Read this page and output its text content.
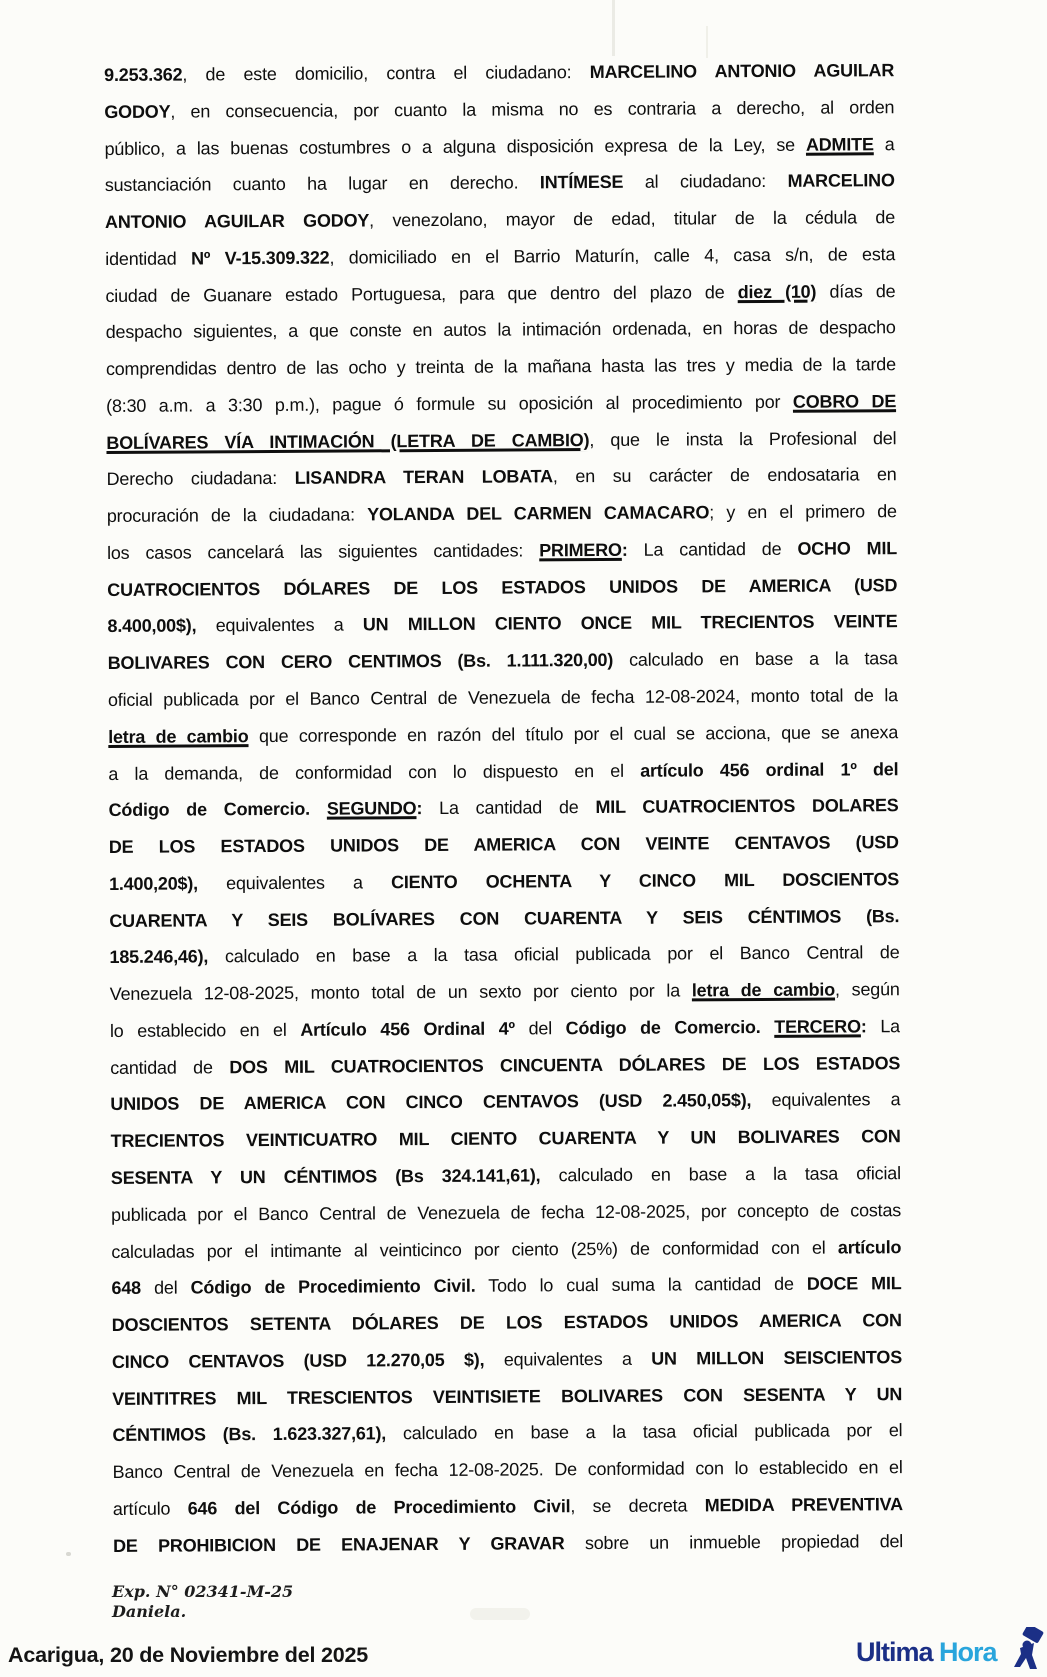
9.253.362, de este domicilio, contra el ciudadano: MARCELINO ANTONIO AGUILAR
GODOY, en consecuencia, por cuanto la misma no es contraria a derecho, al orden
público, a las buenas costumbres o a alguna disposición expresa de la Ley, se ADMITE a
sustanciación cuanto ha lugar en derecho. INTÍMESE al ciudadano: MARCELINO
ANTONIO AGUILAR GODOY, venezolano, mayor de edad, titular de la cédula de
identidad Nº V-15.309.322, domiciliado en el Barrio Maturín, calle 4, casa s/n, de esta
ciudad de Guanare estado Portuguesa, para que dentro del plazo de diez (10) días de
despacho siguientes, a que conste en autos la intimación ordenada, en horas de despacho
comprendidas dentro de las ocho y treinta de la mañana hasta las tres y media de la tarde
(8:30 a.m. a 3:30 p.m.), pague ó formule su oposición al procedimiento por COBRO DE
BOLÍVARES VÍA INTIMACIÓN (LETRA DE CAMBIO), que le insta la Profesional del
Derecho ciudadana: LISANDRA TERAN LOBATA, en su carácter de endosataria en
procuración de la ciudadana: YOLANDA DEL CARMEN CAMACARO; y en el primero de
los casos cancelará las siguientes cantidades: PRIMERO: La cantidad de OCHO MIL
CUATROCIENTOS DÓLARES DE LOS ESTADOS UNIDOS DE AMERICA (USD
8.400,00$), equivalentes a UN MILLON CIENTO ONCE MIL TRECIENTOS VEINTE
BOLIVARES CON CERO CENTIMOS (Bs. 1.111.320,00) calculado en base a la tasa
oficial publicada por el Banco Central de Venezuela de fecha 12-08-2024, monto total de la
letra de cambio que corresponde en razón del título por el cual se acciona, que se anexa
a la demanda, de conformidad con lo dispuesto en el artículo 456 ordinal 1º del
Código de Comercio. SEGUNDO: La cantidad de MIL CUATROCIENTOS DOLARES
DE LOS ESTADOS UNIDOS DE AMERICA CON VEINTE CENTAVOS (USD
1.400,20$), equivalentes a CIENTO OCHENTA Y CINCO MIL DOSCIENTOS
CUARENTA Y SEIS BOLÍVARES CON CUARENTA Y SEIS CÉNTIMOS (Bs.
185.246,46), calculado en base a la tasa oficial publicada por el Banco Central de
Venezuela 12-08-2025, monto total de un sexto por ciento por la letra de cambio, según
lo establecido en el Artículo 456 Ordinal 4º del Código de Comercio. TERCERO: La
cantidad de DOS MIL CUATROCIENTOS CINCUENTA DÓLARES DE LOS ESTADOS
UNIDOS DE AMERICA CON CINCO CENTAVOS (USD 2.450,05$), equivalentes a
TRECIENTOS VEINTICUATRO MIL CIENTO CUARENTA Y UN BOLIVARES CON
SESENTA Y UN CÉNTIMOS (Bs 324.141,61), calculado en base a la tasa oficial
publicada por el Banco Central de Venezuela de fecha 12-08-2025, por concepto de costas
calculadas por el intimante al veinticinco por ciento (25%) de conformidad con el artículo
648 del Código de Procedimiento Civil. Todo lo cual suma la cantidad de DOCE MIL
DOSCIENTOS SETENTA DÓLARES DE LOS ESTADOS UNIDOS AMERICA CON
CINCO CENTAVOS (USD 12.270,05 $), equivalentes a UN MILLON SEISCIENTOS
VEINTITRES MIL TRESCIENTOS VEINTISIETE BOLIVARES CON SESENTA Y UN
CÉNTIMOS (Bs. 1.623.327,61), calculado en base a la tasa oficial publicada por el
Banco Central de Venezuela en fecha 12-08-2025. De conformidad con lo establecido en el
artículo 646 del Código de Procedimiento Civil, se decreta MEDIDA PREVENTIVA
DE PROHIBICION DE ENAJENAR Y GRAVAR sobre un inmueble propiedad del
Exp. N° 02341-M-25
Daniela.
Acarigua, 20 de Noviembre del 2025	Ultima Hora
